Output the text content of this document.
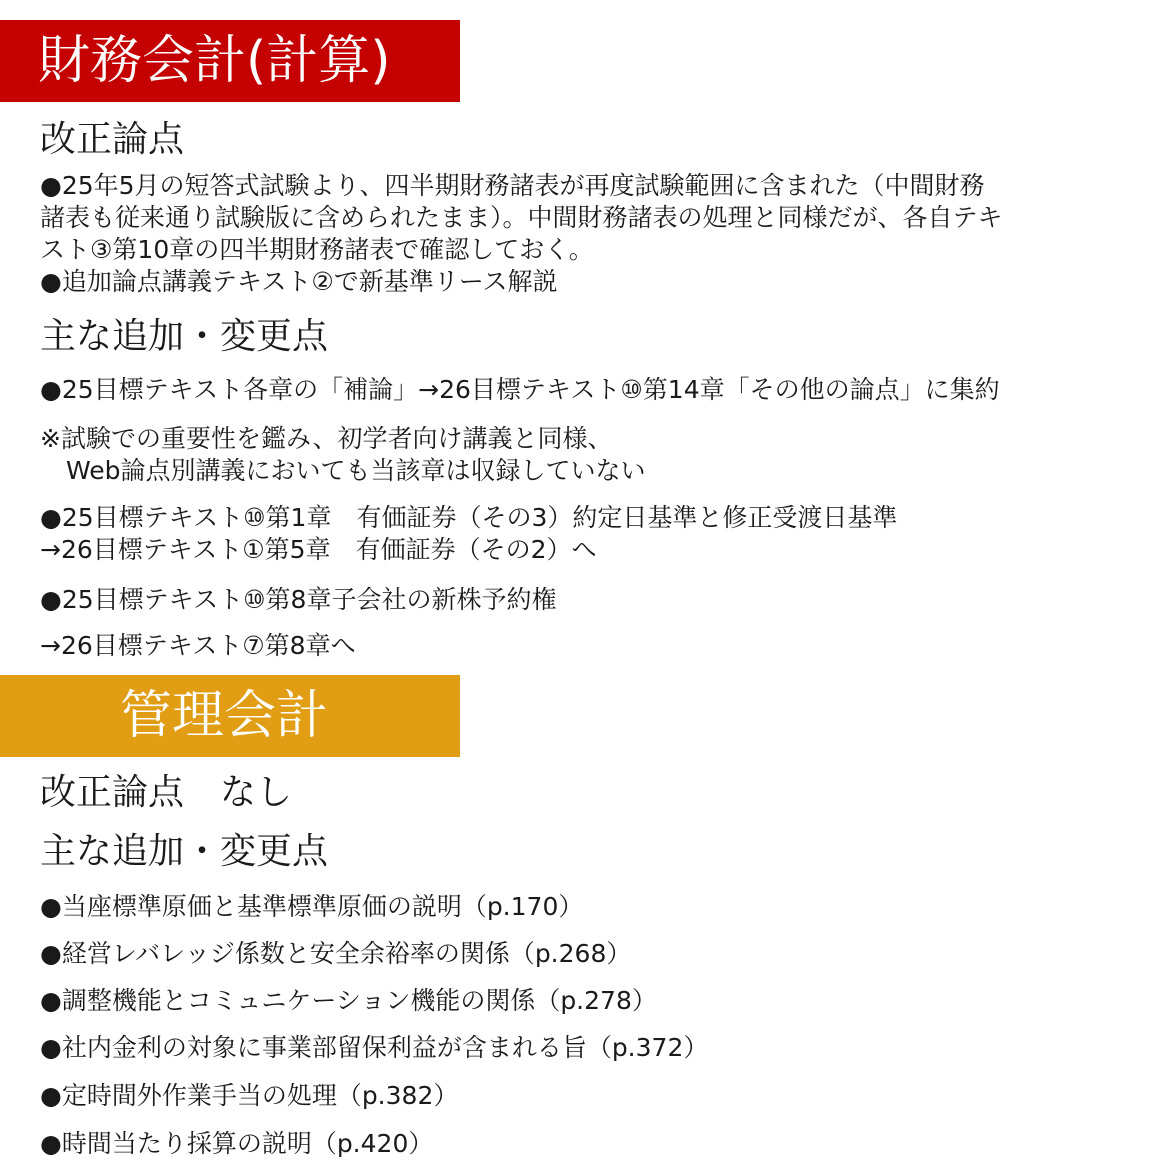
財務会計(計算)
改正論点
●25年5月の短答式試験より、四半期財務諸表が再度試験範囲に含まれた（中間財務
諸表も従来通り試験版に含められたまま）。中間財務諸表の処理と同様だが、各自テキ
スト③第10章の四半期財務諸表で確認しておく。
●追加論点講義テキスト②で新基準リース解説
主な追加・変更点
●25目標テキスト各章の「補論」→26目標テキスト⑩第14章「その他の論点」に集約
※試験での重要性を鑑み、初学者向け講義と同様、
Web論点別講義においても当該章は収録していない
●25目標テキスト⑩第1章　有価証券（その3）約定日基準と修正受渡日基準
→26目標テキスト①第5章　有価証券（その2）へ
●25目標テキスト⑩第8章子会社の新株予約権
→26目標テキスト⑦第8章へ
管理会計
改正論点　なし
主な追加・変更点
●当座標準原価と基準標準原価の説明（p.170）
●経営レバレッジ係数と安全余裕率の関係（p.268）
●調整機能とコミュニケーション機能の関係（p.278）
●社内金利の対象に事業部留保利益が含まれる旨（p.372）
●定時間外作業手当の処理（p.382）
●時間当たり採算の説明（p.420）
